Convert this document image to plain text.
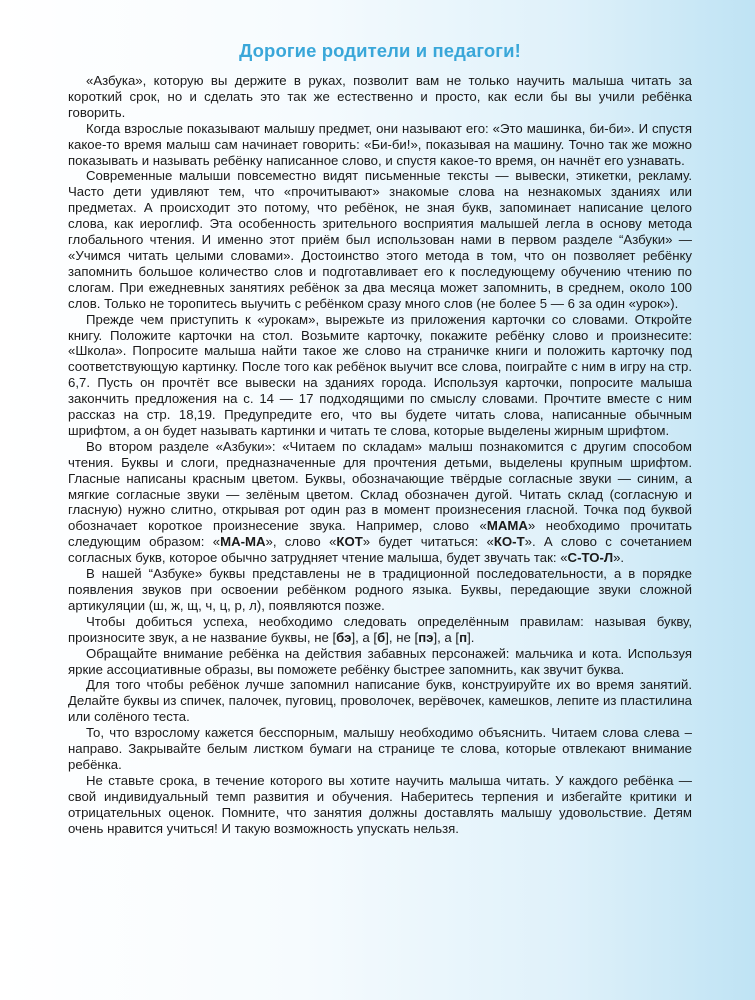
Дорогие родители и педагоги!

«Азбука», которую вы держите в руках, позволит вам не только научить малыша читать за короткий срок, но и сделать это так же естественно и просто, как если бы вы учили ребёнка говорить.

Когда взрослые показывают малышу предмет, они называют его: «Это машинка, би-би». И спустя какое-то время малыш сам начинает говорить: «Би-би!», показывая на машину. Точно так же можно показывать и называть ребёнку написанное слово, и спустя какое-то время, он начнёт его узнавать.

Современные малыши повсеместно видят письменные тексты — вывески, этикетки, рекламу. Часто дети удивляют тем, что «прочитывают» знакомые слова на незнакомых зданиях или предметах. А происходит это потому, что ребёнок, не зная букв, запоминает написание целого слова, как иероглиф. Эта особенность зрительного восприятия малышей легла в основу метода глобального чтения. И именно этот приём был использован нами в первом разделе “Азбуки» — «Учимся читать целыми словами». Достоинство этого метода в том, что он позволяет ребёнку запомнить большое количество слов и подготавливает его к последующему обучению чтению по слогам. При ежедневных занятиях ребёнок за два месяца может запомнить, в среднем, около 100 слов. Только не торопитесь выучить с ребёнком сразу много слов (не более 5 — 6 за один «урок»).

Прежде чем приступить к «урокам», вырежьте из приложения карточки со словами. Откройте книгу. Положите карточки на стол. Возьмите карточку, покажите ребёнку слово и произнесите: «Школа». Попросите малыша найти такое же слово на страничке книги и положить карточку под соответствующую картинку. После того как ребёнок выучит все слова, поиграйте с ним в игру на стр. 6,7. Пусть он прочтёт все вывески на зданиях города. Используя карточки, попросите малыша закончить предложения на с. 14 — 17 подходящими по смыслу словами. Прочтите вместе с ним рассказ на стр. 18,19. Предупредите его, что вы будете читать слова, написанные обычным шрифтом, а он будет называть картинки и читать те слова, которые выделены жирным шрифтом.

Во втором разделе «Азбуки»: «Читаем по складам» малыш познакомится с другим способом чтения. Буквы и слоги, предназначенные для прочтения детьми, выделены крупным шрифтом. Гласные написаны красным цветом. Буквы, обозначающие твёрдые согласные звуки — синим, а мягкие согласные звуки — зелёным цветом. Склад обозначен дугой. Читать склад (согласную и гласную) нужно слитно, открывая рот один раз в момент произнесения гласной. Точка под буквой обозначает короткое произнесение звука. Например, слово «МАМА» необходимо прочитать следующим образом: «МА-МА», слово «КОТ» будет читаться: «КО-Т». А слово с сочетанием согласных букв, которое обычно затрудняет чтение малыша, будет звучать так: «С-ТО-Л».

В нашей “Азбуке» буквы представлены не в традиционной последовательности, а в порядке появления звуков при освоении ребёнком родного языка. Буквы, передающие звуки сложной артикуляции (ш, ж, щ, ч, ц, р, л), появляются позже.

Чтобы добиться успеха, необходимо следовать определённым правилам: называя букву, произносите звук, а не название буквы, не [бэ], а [б], не [пэ], а [п].

Обращайте внимание ребёнка на действия забавных персонажей: мальчика и кота. Используя яркие ассоциативные образы, вы поможете ребёнку быстрее запомнить, как звучит буква.

Для того чтобы ребёнок лучше запомнил написание букв, конструируйте их во время занятий. Делайте буквы из спичек, палочек, пуговиц, проволочек, верёвочек, камешков, лепите из пластилина или солёного теста.

То, что взрослому кажется бесспорным, малышу необходимо объяснить. Читаем слова слева – направо. Закрывайте белым листком бумаги на странице те слова, которые отвлекают внимание ребёнка.

Не ставьте срока, в течение которого вы хотите научить малыша читать. У каждого ребёнка — свой индивидуальный темп развития и обучения. Наберитесь терпения и избегайте критики и отрицательных оценок. Помните, что занятия должны доставлять малышу удовольствие. Детям очень нравится учиться! И такую возможность упускать нельзя.
